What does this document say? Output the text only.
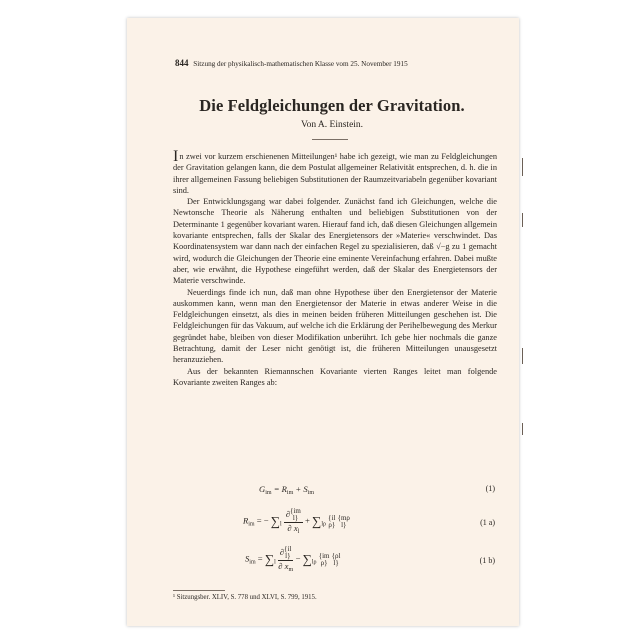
844 Sitzung der physikalisch-mathematischen Klasse vom 25. November 1915
Die Feldgleichungen der Gravitation.
Von A. Einstein.

In zwei vor kurzem erschienenen Mitteilungen¹ habe ich gezeigt, wie man zu Feldgleichungen der Gravitation gelangen kann, die dem Postulat allgemeiner Relativität entsprechen, d. h. die in ihrer allgemeinen Fassung beliebigen Substitutionen der Raumzeitvariabeln gegenüber kovariant sind.

Der Entwicklungsgang war dabei folgender. Zunächst fand ich Gleichungen, welche die Newtonsche Theorie als Näherung enthalten und beliebigen Substitutionen von der Determinante 1 gegenüber kovariant waren. Hierauf fand ich, daß diesen Gleichungen allgemein kovariante entsprechen, falls der Skalar des Energietensors der »Materie« verschwindet. Das Koordinatensystem war dann nach der einfachen Regel zu spezialisieren, daß √−g zu 1 gemacht wird, wodurch die Gleichungen der Theorie eine eminente Vereinfachung erfahren. Dabei mußte aber, wie erwähnt, die Hypothese eingeführt werden, daß der Skalar des Energietensors der Materie verschwinde.

Neuerdings finde ich nun, daß man ohne Hypothese über den Energietensor der Materie auskommen kann, wenn man den Energietensor der Materie in etwas anderer Weise in die Feldgleichungen einsetzt, als dies in meinen beiden früheren Mitteilungen geschehen ist. Die Feldgleichungen für das Vakuum, auf welche ich die Erklärung der Perihelbewegung des Merkur gegründet habe, bleiben von dieser Modifikation unberührt. Ich gebe hier nochmals die ganze Betrachtung, damit der Leser nicht genötigt ist, die früheren Mitteilungen unausgesetzt heranzuziehen.

Aus der bekannten Riemannschen Kovariante vierten Ranges leitet man folgende Kovariante zweiten Ranges ab:

$G_{im} = R_{im} + S_{im}$	(1)
$R_{im}$ = − $\sum_l$
∂{im
l}
∂ $x_l$
+ $\sum_{l\rho}$ {il
ρ} {mρ
l}	(1 a)
$S_{im} = \sum_l$
∂{il
l}
∂ $x_m$
− $\sum_{l\rho}$ {im
ρ} {ρl
l}	(1 b)
¹ Sitzungsber. XLIV, S. 778 und XLVI, S. 799, 1915.
